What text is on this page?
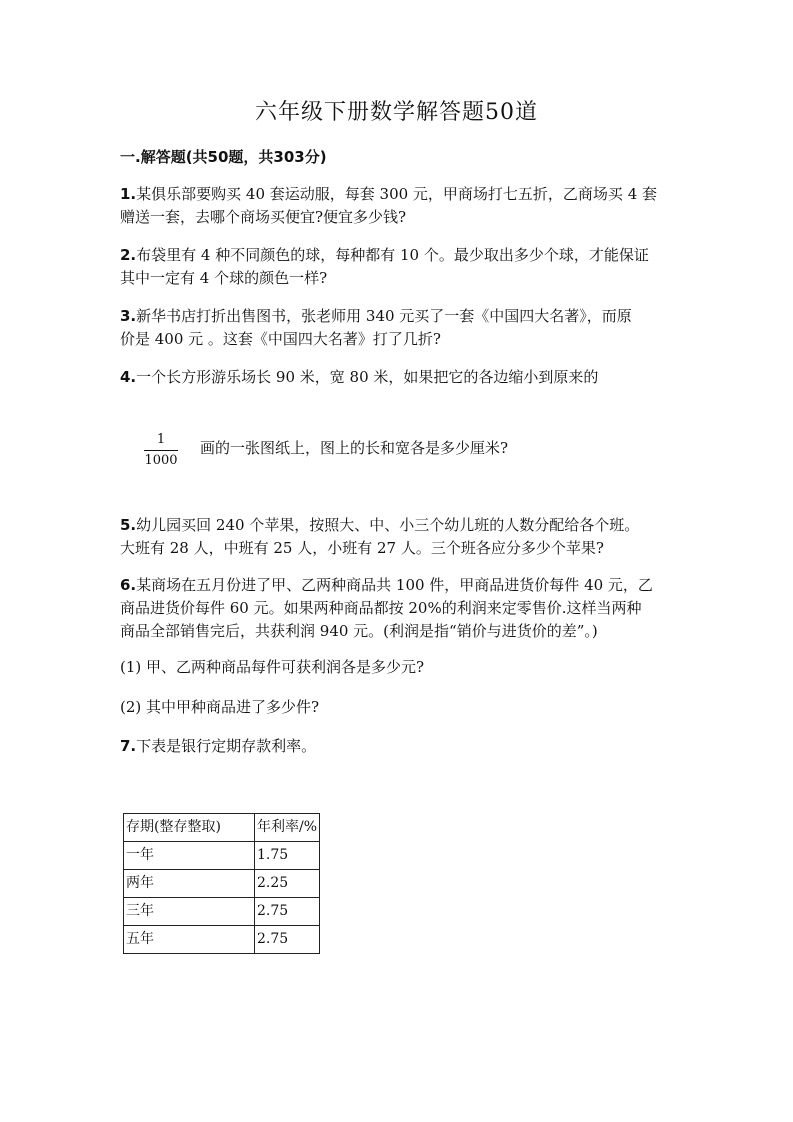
六年级下册数学解答题50道
一.解答题(共50题，共303分)
1.某俱乐部要购买 40 套运动服，每套 300 元，甲商场打七五折，乙商场买 4 套
赠送一套，去哪个商场买便宜?便宜多少钱?
2.布袋里有 4 种不同颜色的球，每种都有 10 个。最少取出多少个球，才能保证
其中一定有 4 个球的颜色一样?
3.新华书店打折出售图书，张老师用 340 元买了一套《中国四大名著》，而原
价是 400 元 。这套《中国四大名著》打了几折?
4.一个长方形游乐场长 90 米，宽 80 米，如果把它的各边缩小到原来的
$\frac{1}{1000}$ 画的一张图纸上，图上的长和宽各是多少厘米?
5.幼儿园买回 240 个苹果，按照大、中、小三个幼儿班的人数分配给各个班。
大班有 28 人，中班有 25 人，小班有 27 人。三个班各应分多少个苹果?
6.某商场在五月份进了甲、乙两种商品共 100 件，甲商品进货价每件 40 元，乙
商品进货价每件 60 元。如果两种商品都按 20%的利润来定零售价.这样当两种
商品全部销售完后，共获利润 940 元。(利润是指“销价与进货价的差”。)
(1) 甲、乙两种商品每件可获利润各是多少元?
(2) 其中甲种商品进了多少件?
7.下表是银行定期存款利率。
存期(整存整取)	年利率/%
一年	1.75
两年	2.25
三年	2.75
五年	2.75
